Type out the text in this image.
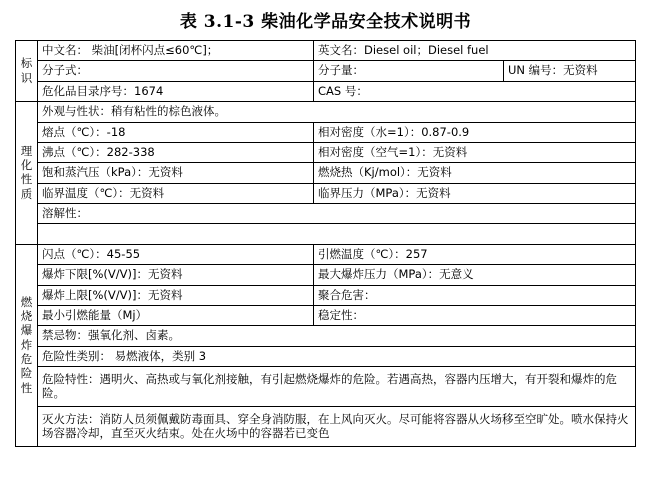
表 3.1-3 柴油化学品安全技术说明书
标
识	中文名： 柴油[闭杯闪点≤60℃]；	英文名：Diesel oil；Diesel fuel	
	分子式：	分子量：	UN 编号：无资料
	危化品目录序号：1674	CAS 号：	

理
化
性
质	外观与性状：稍有粘性的棕色液体。		
	熔点（℃）：-18	相对密度（水=1）：0.87-0.9	
	沸点（℃）：282-338	相对密度（空气=1）：无资料	
	饱和蒸汽压（kPa）：无资料	燃烧热（Kj/mol）：无资料	
	临界温度（℃）：无资料	临界压力（MPa）：无资料	
	溶解性：		

燃
烧
爆
炸
危
险
性
	闪点（℃）：45-55	引燃温度（℃）：257
	爆炸下限[%(V/V)]：无资料	最大爆炸压力（MPa）：无意义	
	爆炸上限[%(V/V)]：无资料	聚合危害：	
	最小引燃能量（Mj）	稳定性：	
	禁忌物：强氧化剂、卤素。		
	危险性类别： 易燃液体，类别 3		
	危险特性：遇明火、高热或与氧化剂接触，有引起燃烧爆炸的危险。若遇高热，容器内压增大，有开裂和爆炸的危险。		
	灭火方法：消防人员须佩戴防毒面具、穿全身消防服，在上风向灭火。尽可能将容器从火场移至空旷处。喷水保持火场容器冷却，直至灭火结束。处在火场中的容器若已变色		
